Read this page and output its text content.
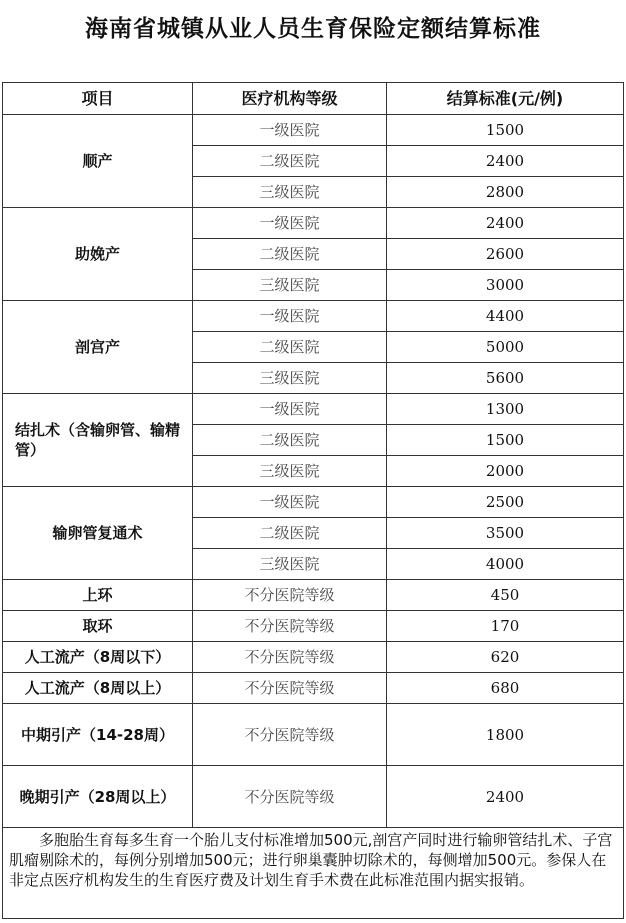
海南省城镇从业人员生育保险定额结算标准
项目	医疗机构等级	结算标准(元/例)
顺产	一级医院	1500
	二级医院	2400
	三级医院	2800
助娩产	一级医院	2400
	二级医院	2600
	三级医院	3000
剖宫产	一级医院	4400
	二级医院	5000
	三级医院	5600
结扎术（含输卵管、输精管）	一级医院	1300
	二级医院	1500
	三级医院	2000
输卵管复通术	一级医院	2500
	二级医院	3500
	三级医院	4000
上环	不分医院等级	450
取环	不分医院等级	170
人工流产（8周以下）	不分医院等级	620
人工流产（8周以上）	不分医院等级	680
中期引产（14-28周）	不分医院等级	1800
晚期引产（28周以上）	不分医院等级	2400
多胞胎生育每多生育一个胎儿支付标准增加500元,剖宫产同时进行输卵管结扎术、子宫肌瘤剔除术的，每例分别增加500元；进行卵巢囊肿切除术的，每侧增加500元。参保人在非定点医疗机构发生的生育医疗费及计划生育手术费在此标准范围内据实报销。		
